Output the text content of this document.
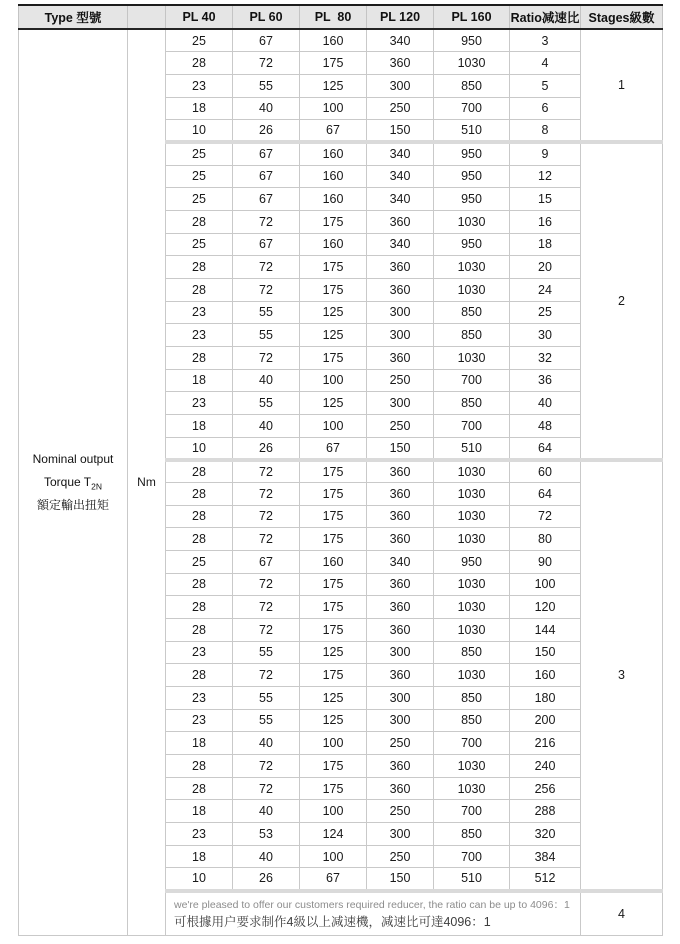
Type 型號		PL 40	PL 60	PL  80	PL 120	PL 160	Ratio减速比	Stages級數

Nominal output
Torque $T_{2N}$
額定輸出扭矩	Nm	25	67	160	340	950	3	1
		28	72	175	360	1030	4	
		23	55	125	300	850	5	
		18	40	100	250	700	6	
		10	26	67	150	510	8	
		25	67	160	340	950	9	2
		25	67	160	340	950	12	
		25	67	160	340	950	15	
		28	72	175	360	1030	16	
		25	67	160	340	950	18	
		28	72	175	360	1030	20	
		28	72	175	360	1030	24	
		23	55	125	300	850	25	
		23	55	125	300	850	30	
		28	72	175	360	1030	32	
		18	40	100	250	700	36	
		23	55	125	300	850	40	
		18	40	100	250	700	48	
		10	26	67	150	510	64	
		28	72	175	360	1030	60	3
		28	72	175	360	1030	64	
		28	72	175	360	1030	72	
		28	72	175	360	1030	80	
		25	67	160	340	950	90	
		28	72	175	360	1030	100	
		28	72	175	360	1030	120	
		28	72	175	360	1030	144	
		23	55	125	300	850	150	
		28	72	175	360	1030	160	
		23	55	125	300	850	180	
		23	55	125	300	850	200	
		18	40	100	250	700	216	
		28	72	175	360	1030	240	
		28	72	175	360	1030	256	
		18	40	100	250	700	288	
		23	53	124	300	850	320	
		18	40	100	250	700	384	
		10	26	67	150	510	512	

		we're pleased to offer our customers required reducer, the ratio can be up to 4096：1
可根據用户要求制作4級以上减速機，减速比可達4096：1						4
